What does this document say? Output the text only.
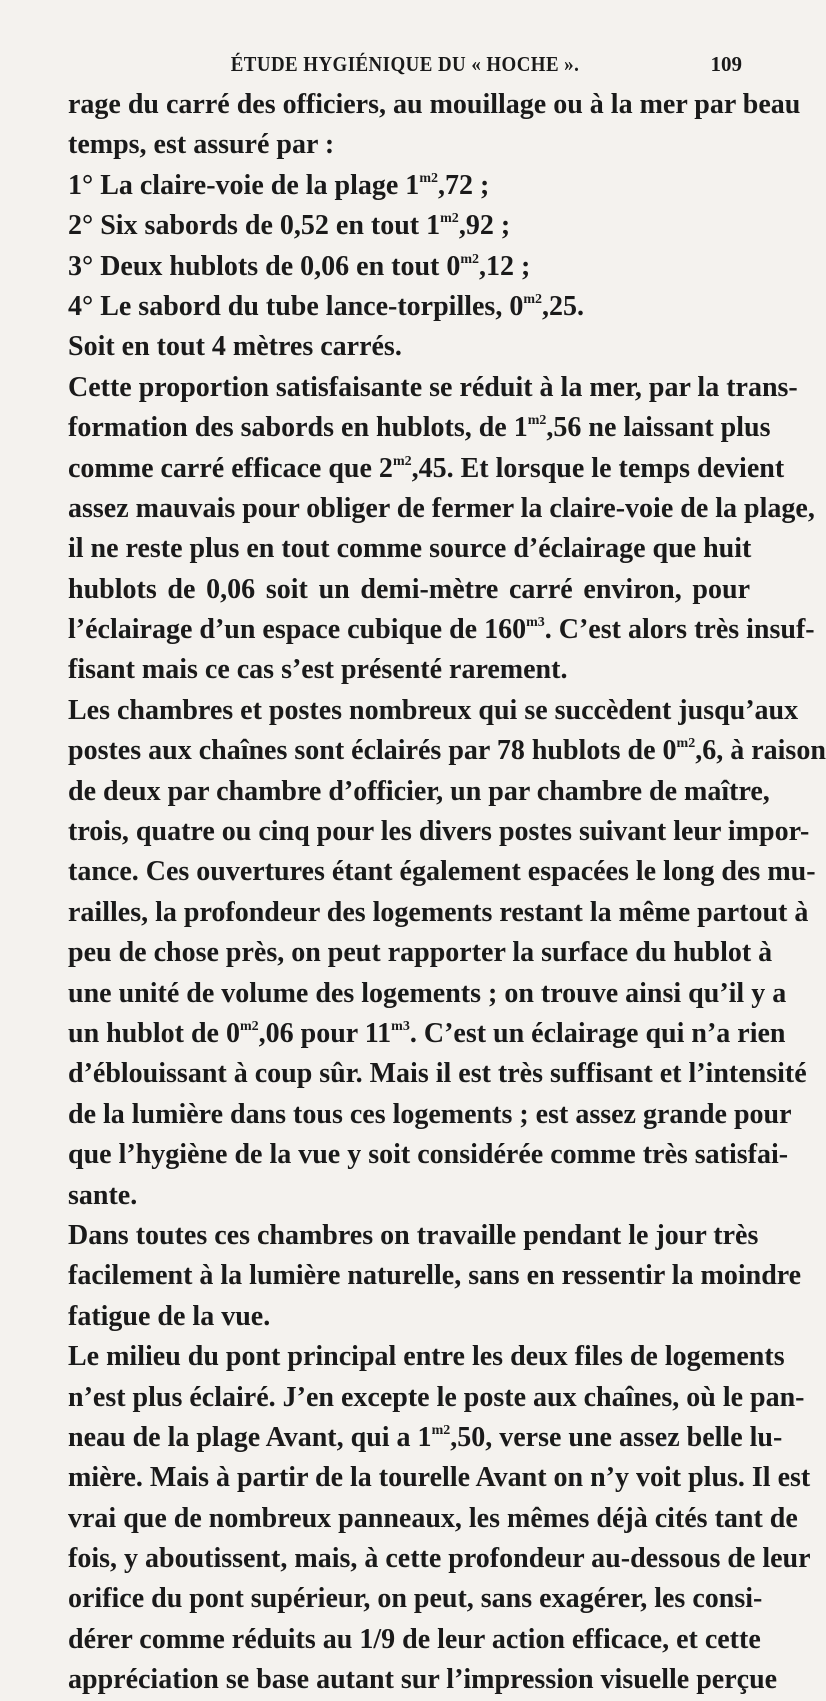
ÉTUDE HYGIÉNIQUE DU « HOCHE ».	109
rage du carré des officiers, au mouillage ou à la mer par beau
temps, est assuré par :
1° La claire-voie de la plage $1^{m2},72$ ;
2° Six sabords de 0,52 en tout $1^{m2},92$ ;
3° Deux hublots de 0,06 en tout $0^{m2},12$ ;
4° Le sabord du tube lance-torpilles, $0^{m2},25$.
Soit en tout 4 mètres carrés.
Cette proportion satisfaisante se réduit à la mer, par la trans-
formation des sabords en hublots, de $1^{m2},56$ ne laissant plus
comme carré efficace que $2^{m2},45$. Et lorsque le temps devient
assez mauvais pour obliger de fermer la claire-voie de la plage,
il ne reste plus en tout comme source d’éclairage que huit
hublots de 0,06 soit un demi-mètre carré environ, pour
l’éclairage d’un espace cubique de $160^{m3}$. C’est alors très insuf-
fisant mais ce cas s’est présenté rarement.
Les chambres et postes nombreux qui se succèdent jusqu’aux
postes aux chaînes sont éclairés par 78 hublots de $0^{m2},6$, à raison
de deux par chambre d’officier, un par chambre de maître,
trois, quatre ou cinq pour les divers postes suivant leur impor-
tance. Ces ouvertures étant également espacées le long des mu-
railles, la profondeur des logements restant la même partout à
peu de chose près, on peut rapporter la surface du hublot à
une unité de volume des logements ; on trouve ainsi qu’il y a
un hublot de $0^{m2},06$ pour $11^{m3}$. C’est un éclairage qui n’a rien
d’éblouissant à coup sûr. Mais il est très suffisant et l’intensité
de la lumière dans tous ces logements ; est assez grande pour
que l’hygiène de la vue y soit considérée comme très satisfai-
sante.
Dans toutes ces chambres on travaille pendant le jour très
facilement à la lumière naturelle, sans en ressentir la moindre
fatigue de la vue.
Le milieu du pont principal entre les deux files de logements
n’est plus éclairé. J’en excepte le poste aux chaînes, où le pan-
neau de la plage Avant, qui a $1^{m2},50$, verse une assez belle lu-
mière. Mais à partir de la tourelle Avant on n’y voit plus. Il est
vrai que de nombreux panneaux, les mêmes déjà cités tant de
fois, y aboutissent, mais, à cette profondeur au-dessous de leur
orifice du pont supérieur, on peut, sans exagérer, les consi-
dérer comme réduits au 1/9 de leur action efficace, et cette
appréciation se base autant sur l’impression visuelle perçue
